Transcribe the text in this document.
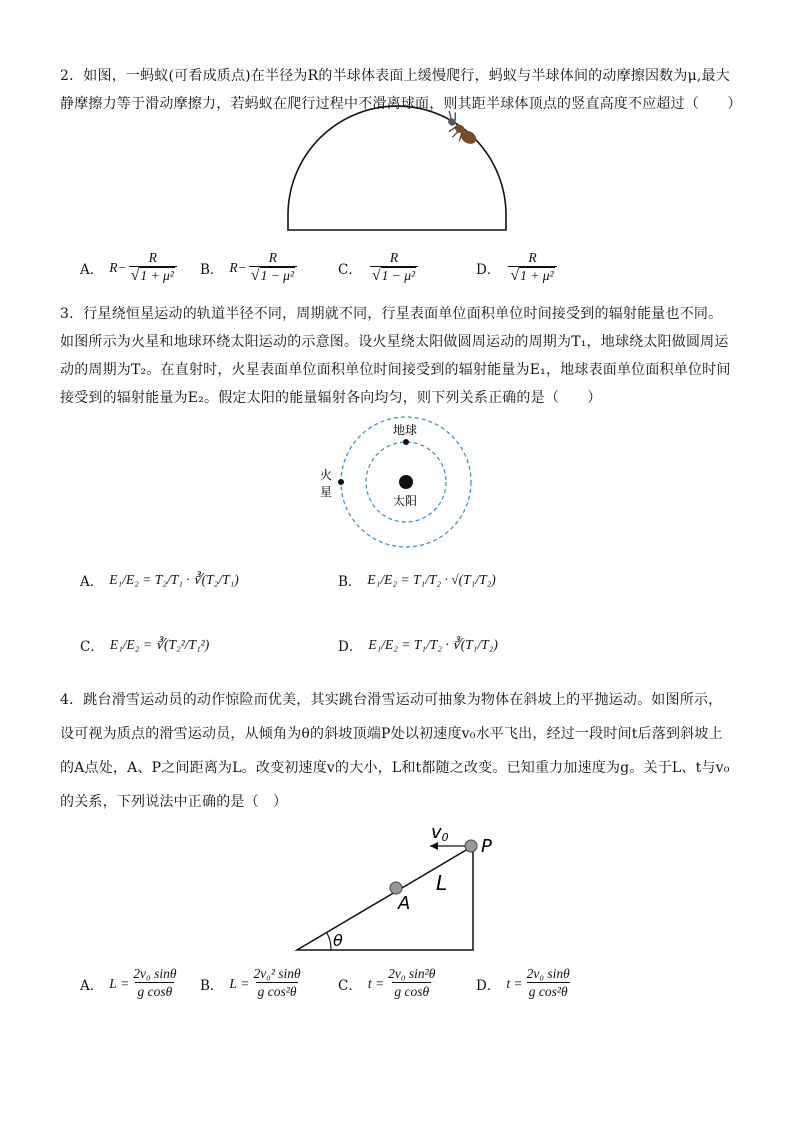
2．如图，一蚂蚁(可看成质点)在半径为R的半球体表面上缓慢爬行，蚂蚁与半球体间的动摩擦因数为μ,最大静摩擦力等于滑动摩擦力，若蚂蚁在爬行过程中不滑离球面，则其距半球体顶点的竖直高度不应超过（　　）
A． $R- \frac{R}{\text{√ 1 + μ²}}$ B． $R- \frac{R}{\text{√ 1 − μ²}}$	C． $\frac{R}{\text{√ 1 − μ²}}$	D． $\frac{R}{\text{√ 1 + μ²}}$
3．行星绕恒星运动的轨道半径不同，周期就不同，行星表面单位面积单位时间接受到的辐射能量也不同。如图所示为火星和地球环绕太阳运动的示意图。设火星绕太阳做圆周运动的周期为T₁，地球绕太阳做圆周运动的周期为T₂。在直射时，火星表面单位面积单位时间接受到的辐射能量为E₁，地球表面单位面积单位时间接受到的辐射能量为E₂。假定太阳的能量辐射各向均匀，则下列关系正确的是（　　）
地球
火
星
太阳
A． E₁/E₂ = T₂/T₁ · ∛(T₂/T₁)	B． E₁/E₂ = T₁/T₂ · √(T₁/T₂)
C． E₁/E₂ = ∛(T₂²/T₁²)	D． E₁/E₂ = T₁/T₂ · ∛(T₁/T₂)
4．跳台滑雪运动员的动作惊险而优美，其实跳台滑雪运动可抽象为物体在斜坡上的平抛运动。如图所示，设可视为质点的滑雪运动员，从倾角为θ的斜坡顶端P处以初速度v₀水平飞出，经过一段时间t后落到斜坡上的A点处，A、P之间距离为L。改变初速度v的大小，L和t都随之改变。已知重力加速度为g。关于L、t与v₀的关系，下列说法中正确的是（　）
v0 P
L
A
θ
A． $L = \frac{\text{2v₀ sinθ}}{\text{g cosθ}}$ B． $L = \frac{\text{2v₀² sinθ}}{\text{g cos²θ}}$	C． $t = \frac{\text{2v₀ sin²θ}}{\text{g cosθ}}$	D． $t = \frac{\text{2v₀ sinθ}}{\text{g cos²θ}}$
